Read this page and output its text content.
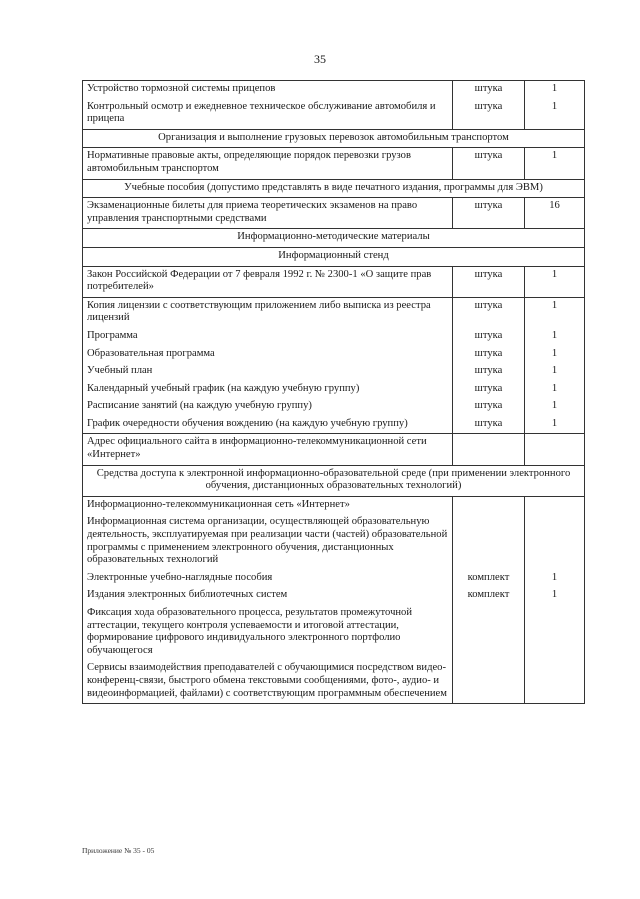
35
Устройство тормозной системы прицепов	штука	1
Контрольный осмотр и ежедневное техническое обслуживание автомобиля и прицепа	штука	1
Организация и выполнение грузовых перевозок автомобильным транспортом		
Нормативные правовые акты, определяющие порядок перевозки грузов автомобильным транспортом	штука	1
Учебные пособия (допустимо представлять в виде печатного издания, программы для ЭВМ)		
Экзаменационные билеты для приема теоретических экзаменов на право управления транспортными средствами	штука	16
Информационно-методические материалы		
Информационный стенд		
Закон Российской Федерации от 7 февраля 1992 г. № 2300-1 «О защите прав потребителей»	штука	1
Копия лицензии с соответствующим приложением либо выписка из реестра лицензий	штука	1
Программа	штука	1
Образовательная программа	штука	1
Учебный план	штука	1
Календарный учебный график (на каждую учебную группу)	штука	1
Расписание занятий (на каждую учебную группу)	штука	1
График очередности обучения вождению (на каждую учебную группу)	штука	1
Адрес официального сайта в информационно-телекоммуникационной сети «Интернет»		
Средства доступа к электронной информационно-образовательной среде (при применении электронного обучения, дистанционных образовательных технологий)		
Информационно-телекоммуникационная сеть «Интернет»		
Информационная система организации, осуществляющей образовательную деятельность, эксплуатируемая при реализации части (частей) образовательной программы с применением электронного обучения, дистанционных образовательных технологий		
Электронные учебно-наглядные пособия	комплект	1
Издания электронных библиотечных систем	комплект	1
Фиксация хода образовательного процесса, результатов промежуточной аттестации, текущего контроля успеваемости и итоговой аттестации, формирование цифрового индивидуального электронного портфолио обучающегося		
Сервисы взаимодействия преподавателей с обучающимися посредством видео-конференц-связи, быстрого обмена текстовыми сообщениями, фото-, аудио- и видеоинформацией, файлами) с соответствующим программным обеспечением		
Приложение № 35 - 05
